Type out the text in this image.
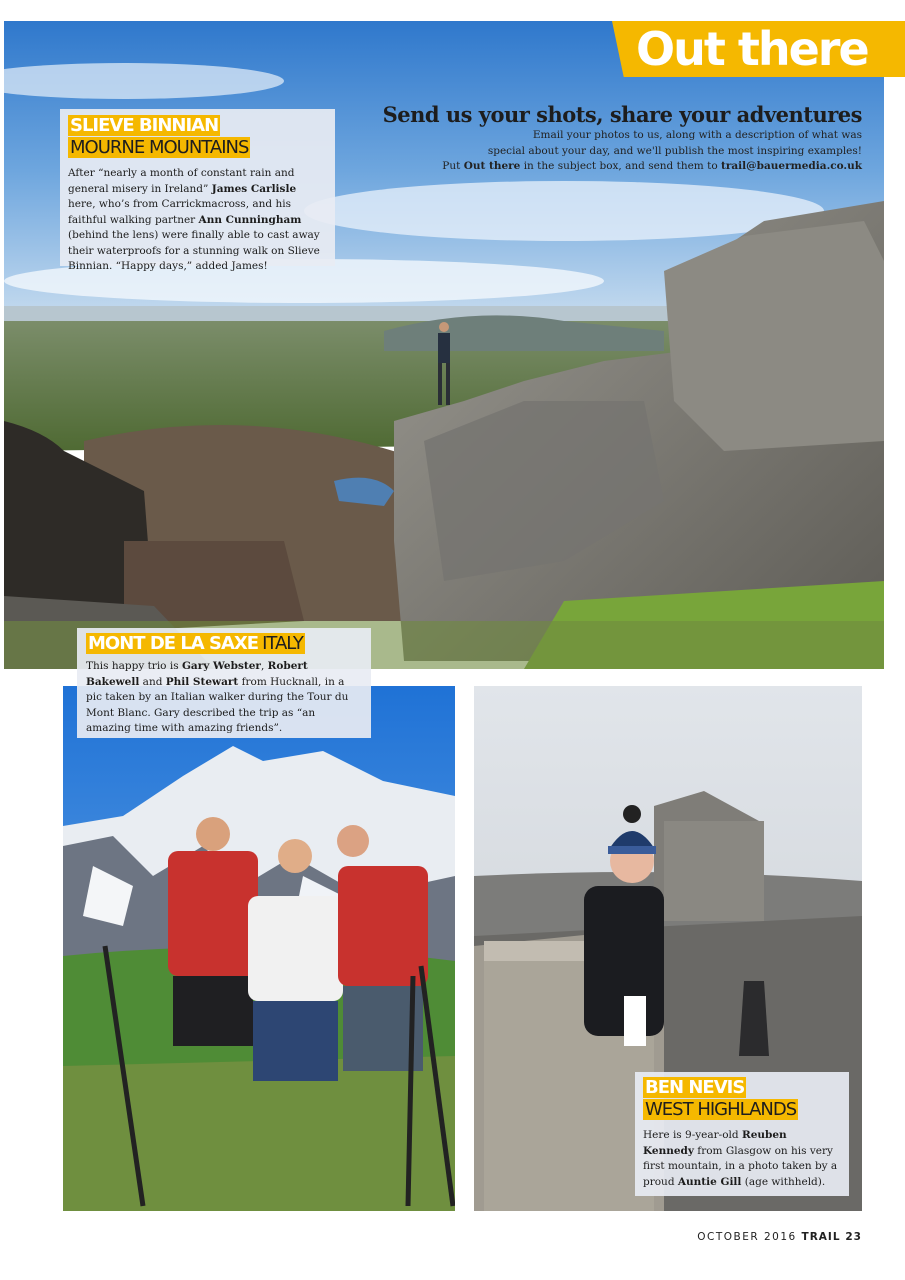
Out there
Send us your shots, share your adventures
Email your photos to us, along with a description of what was
special about your day, and we'll publish the most inspiring examples!
Put Out there in the subject box, and send them to trail@bauermedia.co.uk
SLIEVE BINNIAN
MOURNE MOUNTAINS
After “nearly a month of constant rain and general misery in Ireland” James Carlisle here, who’s from Carrickmacross, and his faithful walking partner Ann Cunningham (behind the lens) were finally able to cast away their waterproofs for a stunning walk on Slieve Binnian. “Happy days,” added James!
MONT DE LA SAXE ITALY
This happy trio is Gary Webster, Robert Bakewell and Phil Stewart from Hucknall, in a pic taken by an Italian walker during the Tour du Mont Blanc. Gary described the trip as “an amazing time with amazing friends”.
BEN NEVIS
WEST HIGHLANDS
Here is 9-year-old Reuben Kennedy from Glasgow on his very first mountain, in a photo taken by a proud Auntie Gill (age withheld).
OCTOBER 2016 TRAIL 23
